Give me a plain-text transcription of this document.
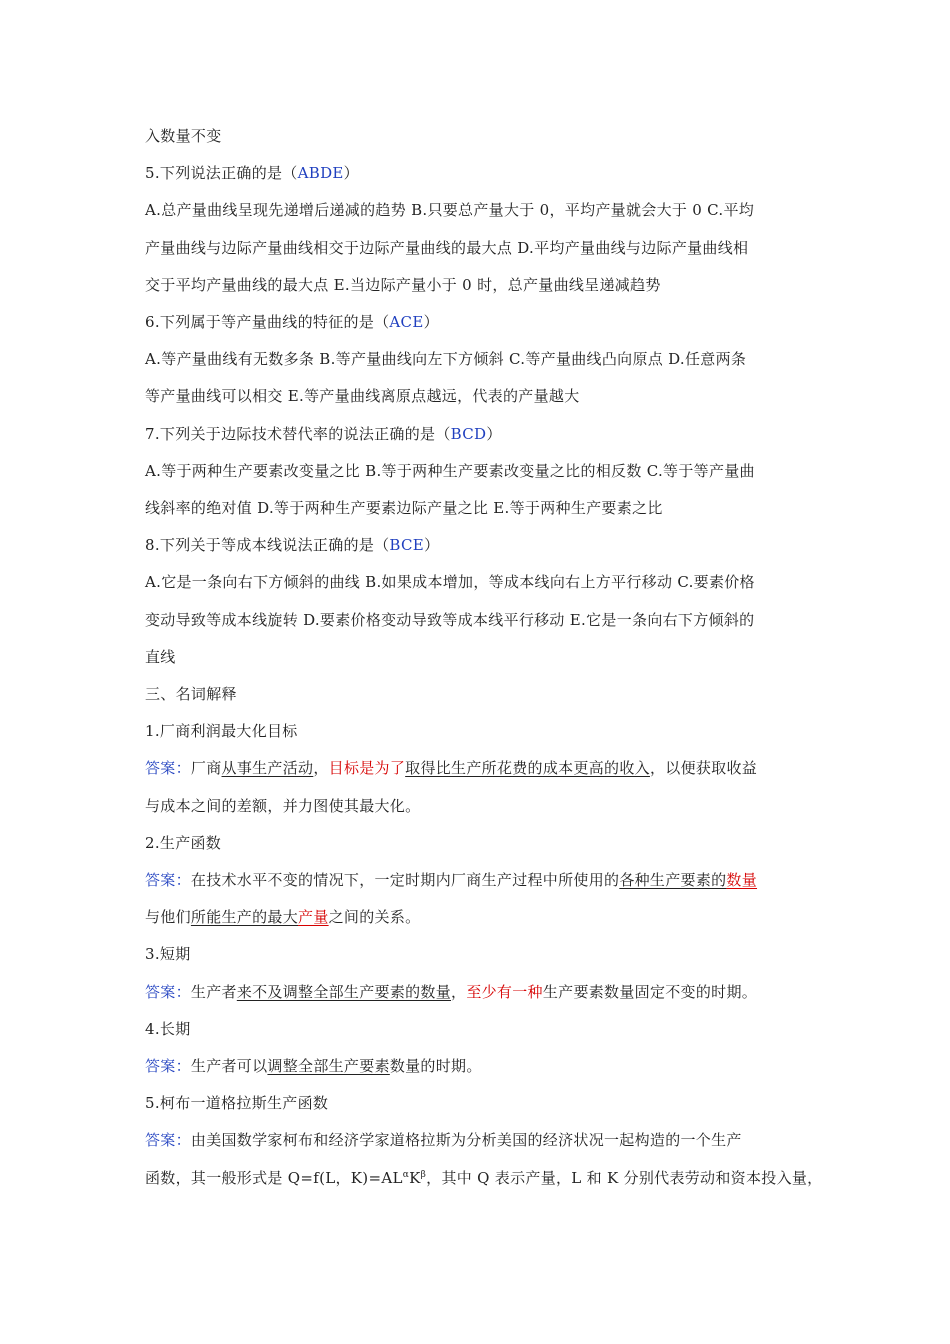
入数量不变

5.下列说法正确的是（ABDE）

A.总产量曲线呈现先递增后递减的趋势 B.只要总产量大于 0，平均产量就会大于 0 C.平均

产量曲线与边际产量曲线相交于边际产量曲线的最大点 D.平均产量曲线与边际产量曲线相

交于平均产量曲线的最大点 E.当边际产量小于 0 时，总产量曲线呈递减趋势

6.下列属于等产量曲线的特征的是（ACE）

A.等产量曲线有无数多条 B.等产量曲线向左下方倾斜 C.等产量曲线凸向原点 D.任意两条

等产量曲线可以相交 E.等产量曲线离原点越远，代表的产量越大

7.下列关于边际技术替代率的说法正确的是（BCD）

A.等于两种生产要素改变量之比 B.等于两种生产要素改变量之比的相反数 C.等于等产量曲

线斜率的绝对值 D.等于两种生产要素边际产量之比 E.等于两种生产要素之比

8.下列关于等成本线说法正确的是（BCE）

A.它是一条向右下方倾斜的曲线 B.如果成本增加，等成本线向右上方平行移动 C.要素价格

变动导致等成本线旋转 D.要素价格变动导致等成本线平行移动 E.它是一条向右下方倾斜的

直线

三、名词解释

1.厂商利润最大化目标

答案：厂商从事生产活动，目标是为了取得比生产所花费的成本更高的收入，以便获取收益

与成本之间的差额，并力图使其最大化。

2.生产函数

答案：在技术水平不变的情况下，一定时期内厂商生产过程中所使用的各种生产要素的数量

与他们所能生产的最大产量之间的关系。

3.短期

答案：生产者来不及调整全部生产要素的数量，至少有一种生产要素数量固定不变的时期。

4.长期

答案：生产者可以调整全部生产要素数量的时期。

5.柯布一道格拉斯生产函数

答案：由美国数学家柯布和经济学家道格拉斯为分析美国的经济状况一起构造的一个生产

函数，其一般形式是 Q=f(L，$K)=AL^\alpha K^\beta$，其中 Q 表示产量，L 和 K 分别代表劳动和资本投入量，
